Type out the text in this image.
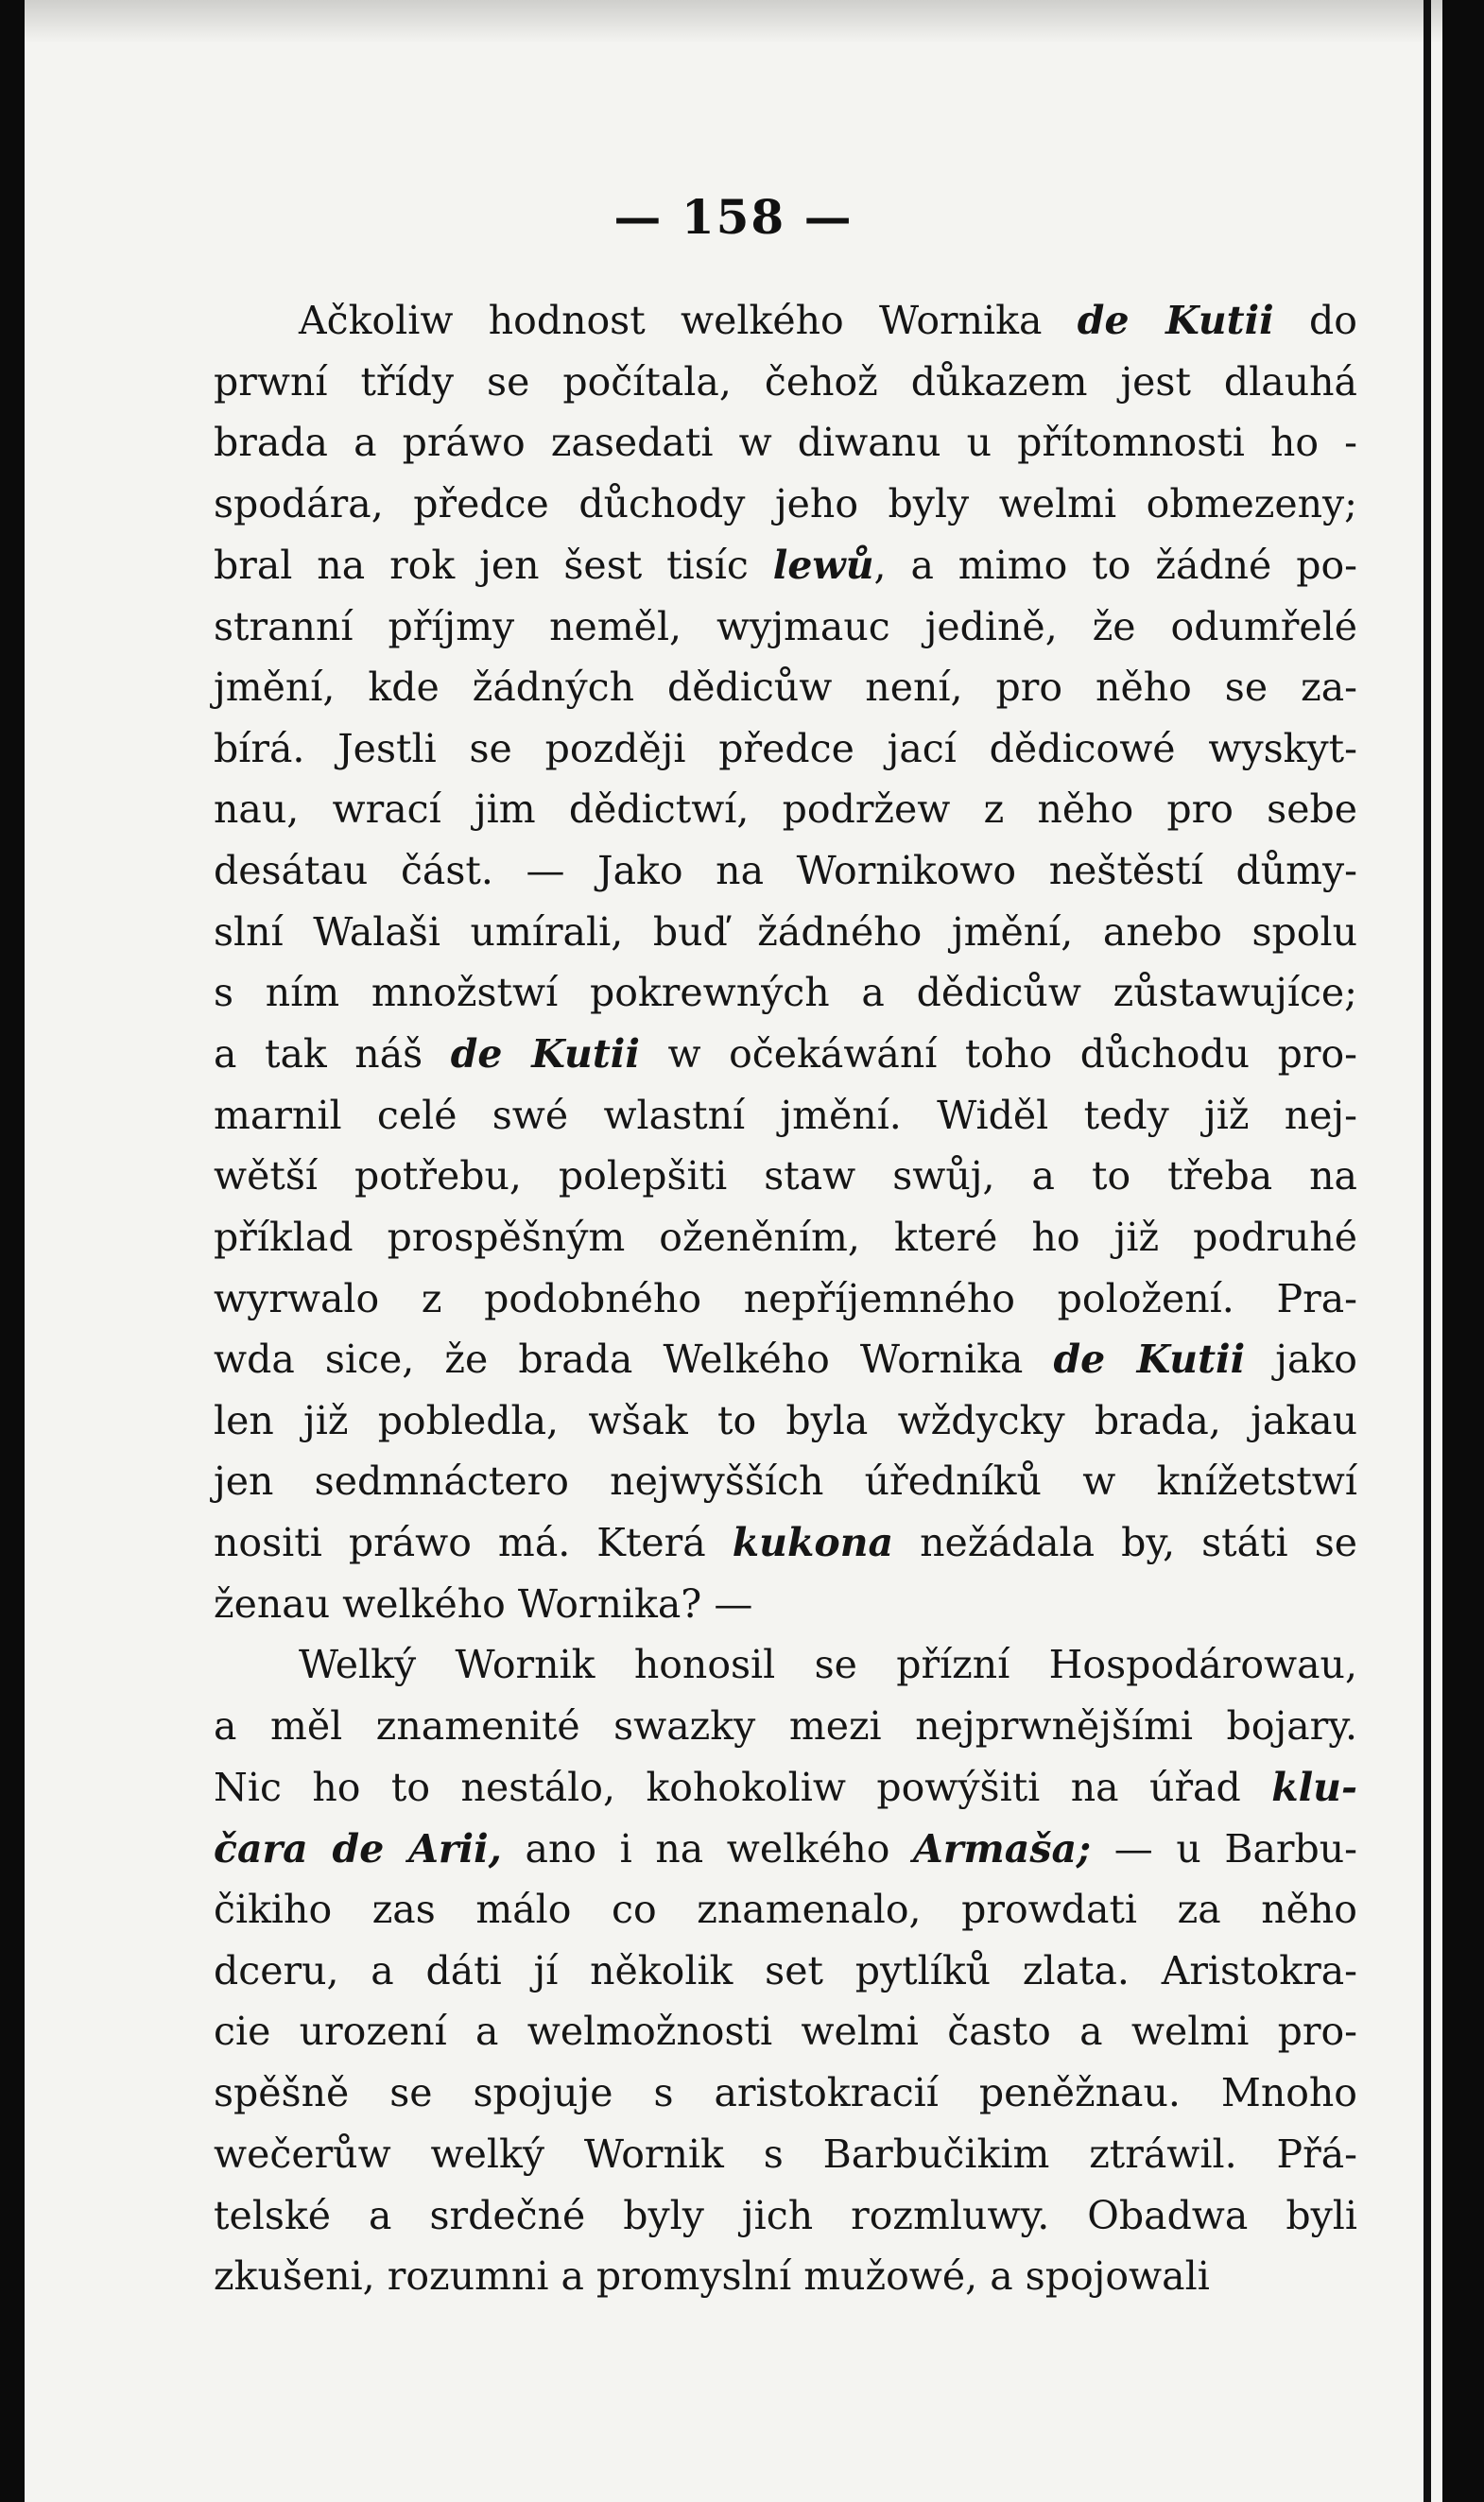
— 158 —
Ačkoliw hodnost welkého Wornika de Kutii do
prwní třídy se počítala, čehož důkazem jest dlauhá
brada a práwo zasedati w diwanu u přítomnosti ho -
spodára, předce důchody jeho byly welmi obmezeny;
bral na rok jen šest tisíc lewů, a mimo to žádné po-
stranní příjmy neměl, wyjmauc jedině, že odumřelé
jmění, kde žádných dědicůw není, pro něho se za-
bírá. Jestli se později předce jací dědicowé wyskyt-
nau, wrací jim dědictwí, podržew z něho pro sebe
desátau část. — Jako na Wornikowo neštěstí důmy-
slní Walaši umírali, buď žádného jmění, anebo spolu
s ním množstwí pokrewných a dědicůw zůstawujíce;
a tak náš de Kutii w očekáwání toho důchodu pro-
marnil celé swé wlastní jmění. Widěl tedy již nej-
wětší potřebu, polepšiti staw swůj, a to třeba na
příklad prospěšným oženěním, které ho již podruhé
wyrwalo z podobného nepříjemného položení. Pra-
wda sice, že brada Welkého Wornika de Kutii jako
len již pobledla, wšak to byla wždycky brada, jakau
jen sedmnáctero nejwyšších úředníků w knížetstwí
nositi práwo má. Která kukona nežádala by, státi se
ženau welkého Wornika? —
Welký Wornik honosil se přízní Hospodárowau,
a měl znamenité swazky mezi nejprwnějšími bojary.
Nic ho to nestálo, kohokoliw powýšiti na úřad klu-
čara de Arii, ano i na welkého Armaša; — u Barbu-
čikiho zas málo co znamenalo, prowdati za něho
dceru, a dáti jí několik set pytlíků zlata. Aristokra-
cie urození a welmožnosti welmi často a welmi pro-
spěšně se spojuje s aristokracií peněžnau. Mnoho
wečerůw welký Wornik s Barbučikim ztráwil. Přá-
telské a srdečné byly jich rozmluwy. Obadwa byli
zkušeni, rozumni a promyslní mužowé, a spojowali
